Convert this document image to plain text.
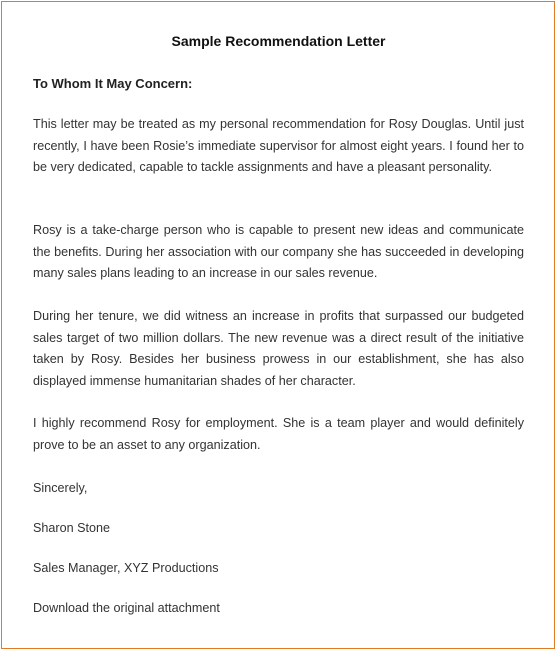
Sample Recommendation Letter

To Whom It May Concern:

This letter may be treated as my personal recommendation for Rosy Douglas. Until just recently, I have been Rosie’s immediate supervisor for almost eight years. I found her to be very dedicated, capable to tackle assignments and have a pleasant personality.

Rosy is a take-charge person who is capable to present new ideas and communicate the benefits. During her association with our company she has succeeded in developing many sales plans leading to an increase in our sales revenue.

During her tenure, we did witness an increase in profits that surpassed our budgeted sales target of two million dollars. The new revenue was a direct result of the initiative taken by Rosy. Besides her business prowess in our establishment, she has also displayed immense humanitarian shades of her character.

I highly recommend Rosy for employment. She is a team player and would definitely prove to be an asset to any organization.

Sincerely,

Sharon Stone

Sales Manager, XYZ Productions

Download the original attachment
